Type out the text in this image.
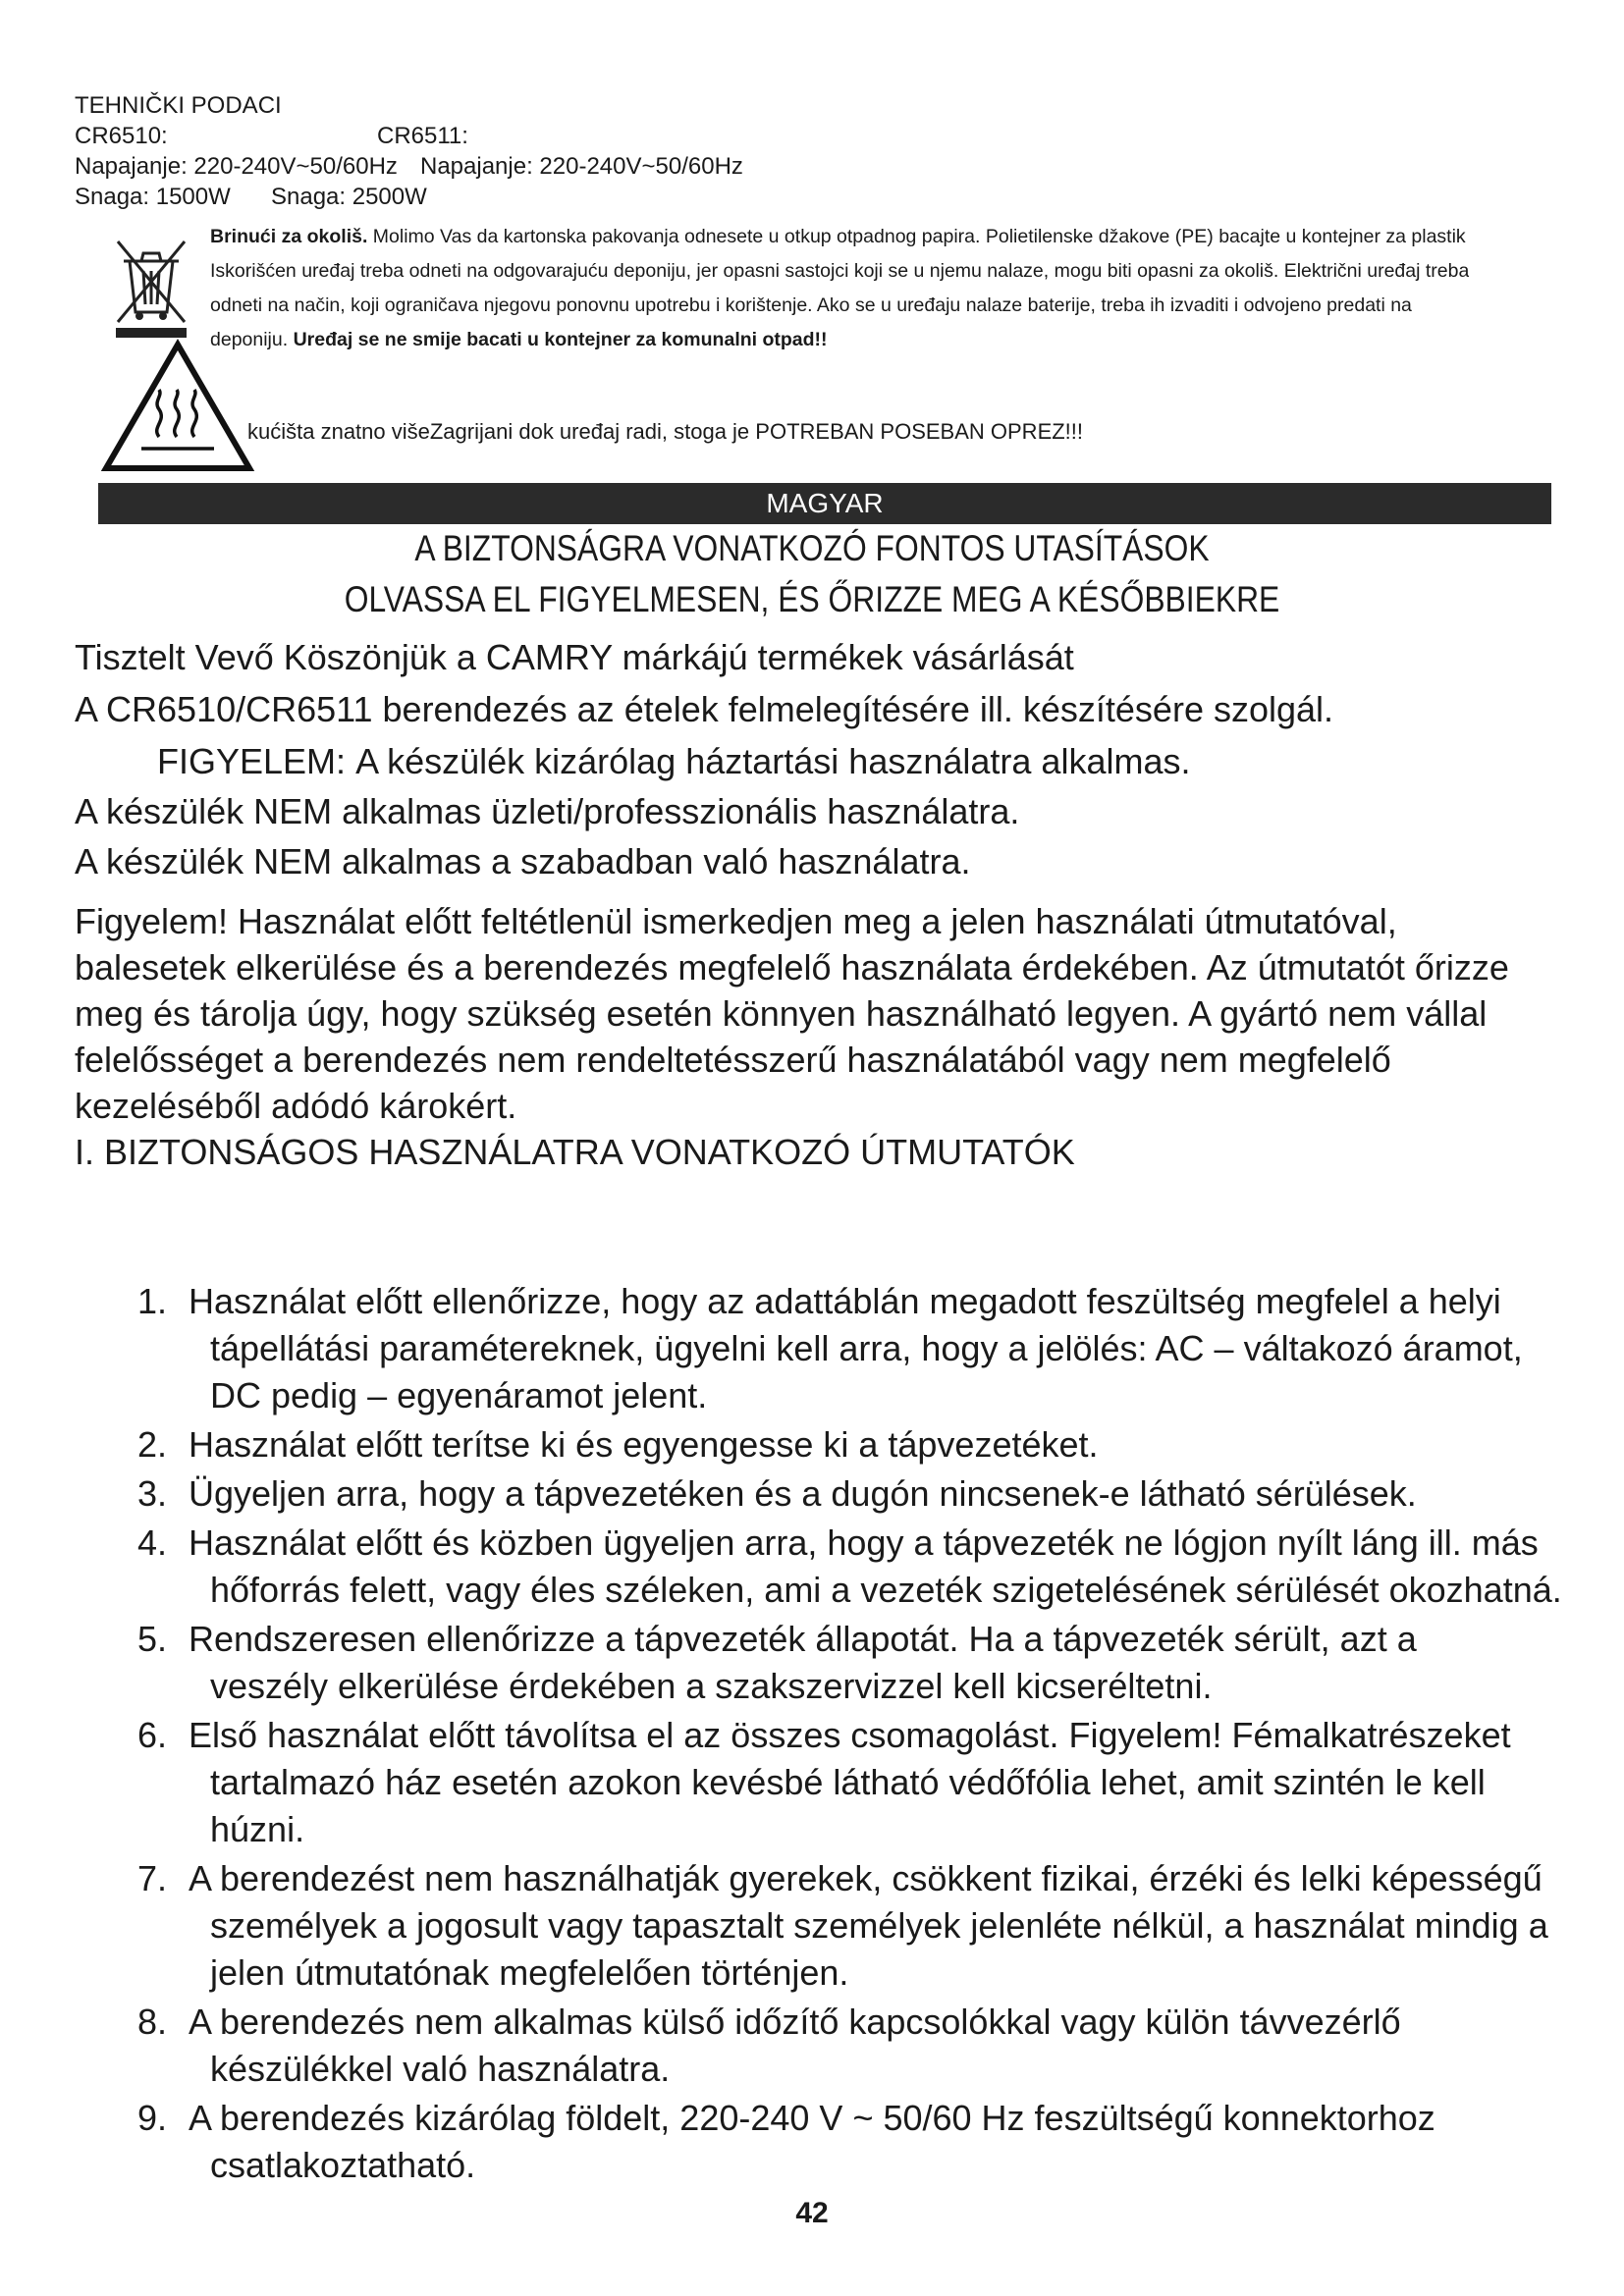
TEHNIČKI PODACI
CR6510:	CR6511:
Napajanje: 220-240V~50/60Hz Napajanje: 220-240V~50/60Hz
Snaga: 1500W Snaga: 2500W

Brinući za okoliš. Molimo Vas da kartonska pakovanja odnesete u otkup otpadnog papira. Polietilenske džakove (PE) bacajte u kontejner za plastik

Iskorišćen uređaj treba odneti na odgovarajuću deponiju, jer opasni sastojci koji se u njemu nalaze, mogu biti opasni za okoliš. Električni uređaj treba

odneti na način, koji ograničava njegovu ponovnu upotrebu i korištenje. Ako se u uređaju nalaze baterije, treba ih izvaditi i odvojeno predati na

deponiju. Uređaj se ne smije bacati u kontejner za komunalni otpad!!

kućišta znatno višeZagrijani dok uređaj radi, stoga je POTREBAN POSEBAN OPREZ!!!
MAGYAR
A BIZTONSÁGRA VONATKOZÓ FONTOS UTASÍTÁSOK
OLVASSA EL FIGYELMESEN, ÉS ŐRIZZE MEG A KÉSŐBBIEKRE

Tisztelt Vevő

Köszönjük a CAMRY márkájú termékek vásárlását

A CR6510/CR6511 berendezés az ételek felmelegítésére ill. készítésére szolgál.

FIGYELEM:

A készülék kizárólag háztartási használatra alkalmas.

A készülék NEM alkalmas üzleti/professzionális használatra.

A készülék NEM alkalmas a szabadban való használatra.

Figyelem! Használat előtt feltétlenül ismerkedjen meg a jelen használati útmutatóval,

balesetek elkerülése és a berendezés megfelelő használata érdekében. Az útmutatót őrizze

meg és tárolja úgy, hogy szükség esetén könnyen használható legyen. A gyártó nem vállal

felelősséget a berendezés nem rendeltetésszerű használatából vagy nem megfelelő

kezeléséből adódó károkért.

I. BIZTONSÁGOS HASZNÁLATRA VONATKOZÓ ÚTMUTATÓK

1. Használat előtt ellenőrizze, hogy az adattáblán megadott feszültség megfelel a helyitápellátási paramétereknek, ügyelni kell arra, hogy a jelölés: AC – váltakozó áramot,DC pedig – egyenáramot jelent.
2. Használat előtt terítse ki és egyengesse ki a tápvezetéket.
3. Ügyeljen arra, hogy a tápvezetéken és a dugón nincsenek-e látható sérülések.
4. Használat előtt és közben ügyeljen arra, hogy a tápvezeték ne lógjon nyílt láng ill. máshőforrás felett, vagy éles széleken, ami a vezeték szigetelésének sérülését okozhatná.
5. Rendszeresen ellenőrizze a tápvezeték állapotát. Ha a tápvezeték sérült, azt aveszély elkerülése érdekében a szakszervizzel kell kicseréltetni.
6. Első használat előtt távolítsa el az összes csomagolást. Figyelem! Fémalkatrészekettartalmazó ház esetén azokon kevésbé látható védőfólia lehet, amit szintén le kellhúzni.
7. A berendezést nem használhatják gyerekek, csökkent fizikai, érzéki és lelki képességűszemélyek a jogosult vagy tapasztalt személyek jelenléte nélkül, a használat mindig ajelen útmutatónak megfelelően történjen.
8. A berendezés nem alkalmas külső időzítő kapcsolókkal vagy külön távvezérlőkészülékkel való használatra.
9. A berendezés kizárólag földelt, 220-240 V ~ 50/60 Hz feszültségű konnektorhozcsatlakoztatható.
42
